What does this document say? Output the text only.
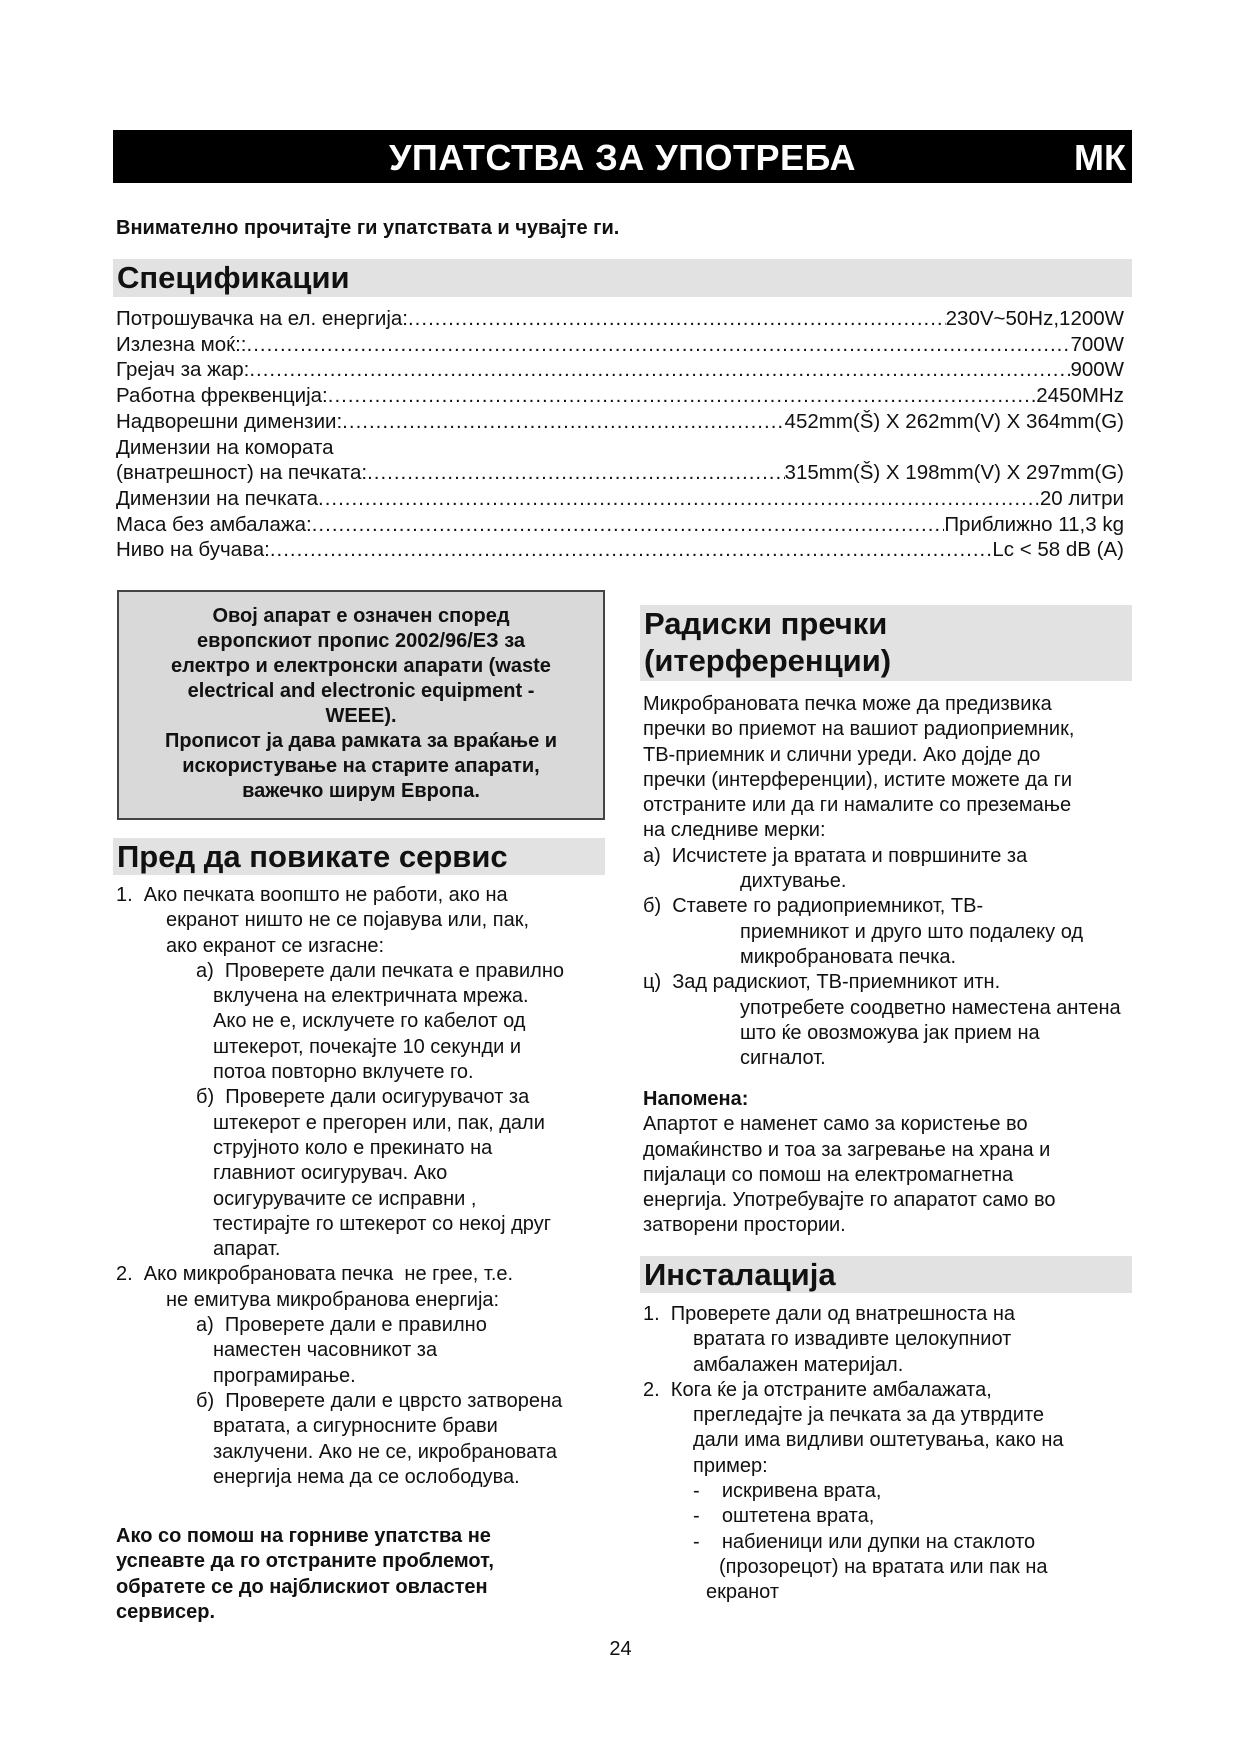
УПАТСТВА ЗА УПОТРЕБА	МК
Внимателно прочитајте ги упатствата и чувајте ги.
Спецификации
Потрошувачка на ел. енергија: .....	230V~50Hz,1200W
Излезна моќ:: .....	700W
Грејач за жар: .....	900W
Работна фреквенција: .....	2450MHz
Надворешни димензии: .....	452mm(Š) X 262mm(V) X 364mm(G)
Димензии на комората
(внатрешност) на печката: .....	315mm(Š) X 198mm(V) X 297mm(G)
Димензии на печката .....	20 литри
Маса без амбалажа: .....	Приближно 11,3 kg
Ниво на бучава: .....	Lc < 58 dB (A)
Овој апарат е означен според
европскиот пропис 2002/96/ЕЗ за
електро и електронски апарати (waste
electrical and electronic equipment -
WEEE).
Прописот ја дава рамката за враќање и
искористување на старите апарати,
важечко ширум Европа.
Пред да повикате сервис
1.  Ако печката воопшто не работи, ако на
екранот ништо не се појавува или, пак,
ако екранот се изгасне:
а)  Проверете дали печката е правилно
вклучена на електричната мрежа.
Ако не е, исклучете го кабелот од
штекерот, почекајте 10 секунди и
потоа повторно вклучете го.
б)  Проверете дали осигурувачот за
штекерот е прегорен или, пак, дали
струјното коло е прекинато на
главниот осигурувач. Ако
осигурувачите се исправни ,
тестирајте го штекерот со некој друг
апарат.
2.  Ако микробрановата печка  не грее, т.е.
не емитува микробранова енергија:
а)  Проверете дали е правилно
наместен часовникот за
програмирање.
б)  Проверете дали е цврсто затворена
вратата, а сигурносните брави
заклучени. Ако не се, икробрановата
енергија нема да се ослободува.
Ако со помош на горниве упатства не
успеавте да го отстраните проблемот,
обратете се до најблискиот овластен
сервисер.
Радиски пречки
(итерференции)
Микробрановата печка може да предизвика
пречки во приемот на вашиот радиоприемник,
ТВ-приемник и слични уреди. Ако дојде до
пречки (интерференции), иститe можете да ги
отстраните или да ги намалите со преземање
на следниве мерки:
а)  Исчистете ја вратата и површините за
дихтување.
б)  Ставете го радиоприемникот, ТВ-
приемникот и друго што подалеку од
микробрановата печка.
ц)  Зад радискиот, ТВ-приемникот итн.
употребете соодветно наместена антена
што ќе овозможува јак прием на
сигналот.
Напомена:
Апартот е наменет само за користење во
домаќинство и тоа за загревање на храна и
пијалаци со помош на електромагнетна
енергија. Употребувајте го апаратот само во
затворени простории.
Инсталација
1.  Проверете дали од внатрешноста на
вратата го извадивте целокупниот
амбалажен материјал.
2.  Кога ќе ја отстраните амбалажата,
прегледајте ја печката за да утврдите
дали има видливи оштетувања, како на
пример:
-    искривена врата,
-    оштетена врата,
-    набиеници или дупки на стаклото
(прозорецот) на вратата или пак на
екранот
24
